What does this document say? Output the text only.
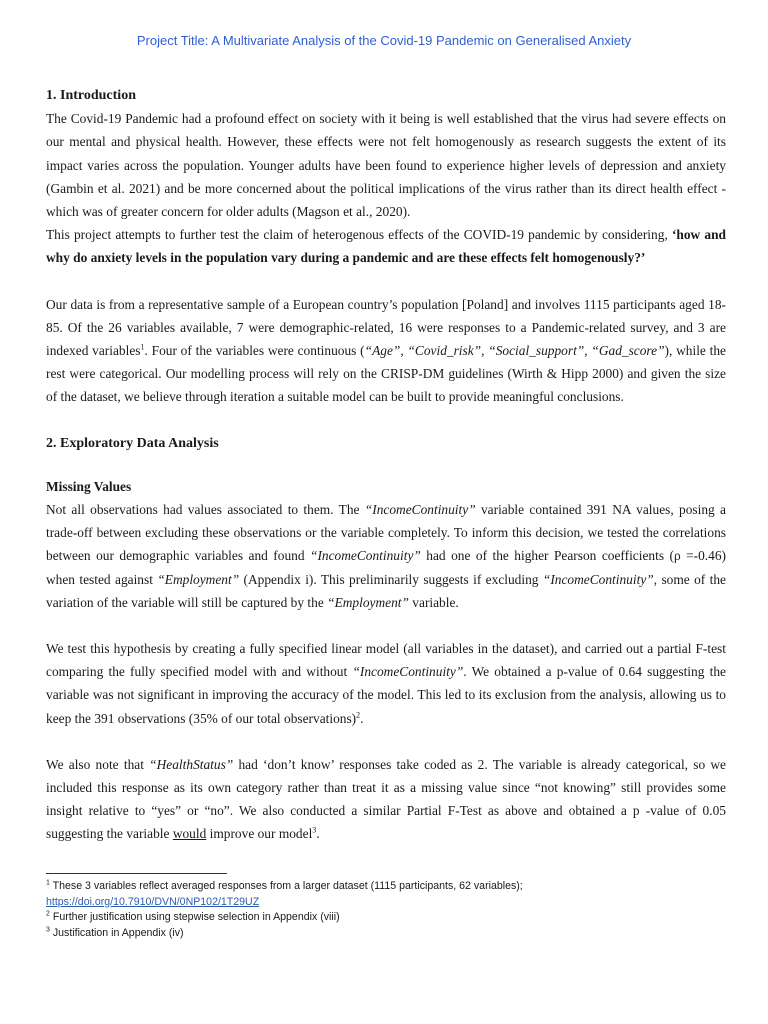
Project Title: A Multivariate Analysis of the Covid-19 Pandemic on Generalised Anxiety
1. Introduction

The Covid-19 Pandemic had a profound effect on society with it being is well established that the virus had severe effects on our mental and physical health. However, these effects were not felt homogenously as research suggests the extent of its impact varies across the population. Younger adults have been found to experience higher levels of depression and anxiety (Gambin et al. 2021) and be more concerned about the political implications of the virus rather than its direct health effect - which was of greater concern for older adults (Magson et al., 2020).
This project attempts to further test the claim of heterogenous effects of the COVID-19 pandemic by considering, ‘how and why do anxiety levels in the population vary during a pandemic and are these effects felt homogenously?’

Our data is from a representative sample of a European country’s population [Poland] and involves 1115 participants aged 18-85. Of the 26 variables available, 7 were demographic-related, 16 were responses to a Pandemic-related survey, and 3 are indexed variables$^1$. Four of the variables were continuous (“Age”, “Covid_risk”, “Social_support”, “Gad_score”), while the rest were categorical. Our modelling process will rely on the CRISP-DM guidelines (Wirth & Hipp 2000) and given the size of the dataset, we believe through iteration a suitable model can be built to provide meaningful conclusions.

2. Exploratory Data Analysis
Missing Values

Not all observations had values associated to them. The “IncomeContinuity” variable contained 391 NA values, posing a trade-off between excluding these observations or the variable completely. To inform this decision, we tested the correlations between our demographic variables and found “IncomeContinuity” had one of the higher Pearson coefficients (ρ =-0.46) when tested against “Employment” (Appendix i). This preliminarily suggests if excluding “IncomeContinuity”, some of the variation of the variable will still be captured by the “Employment” variable.

We test this hypothesis by creating a fully specified linear model (all variables in the dataset), and carried out a partial F-test comparing the fully specified model with and without “IncomeContinuity”. We obtained a p-value of 0.64 suggesting the variable was not significant in improving the accuracy of the model. This led to its exclusion from the analysis, allowing us to keep the 391 observations (35% of our total observations)$^2$.

We also note that “HealthStatus” had ‘don’t know’ responses take coded as 2. The variable is already categorical, so we included this response as its own category rather than treat it as a missing value since “not knowing” still provides some insight relative to “yes” or “no”. We also conducted a similar Partial F-Test as above and obtained a p -value of 0.05 suggesting the variable would improve our model$^3$.

$^1$ These 3 variables reflect averaged responses from a larger dataset (1115 participants, 62 variables);
https://doi.org/10.7910/DVN/0NP102/1T29UZ
$^2$ Further justification using stepwise selection in Appendix (viii)
$^3$ Justification in Appendix (iv)
